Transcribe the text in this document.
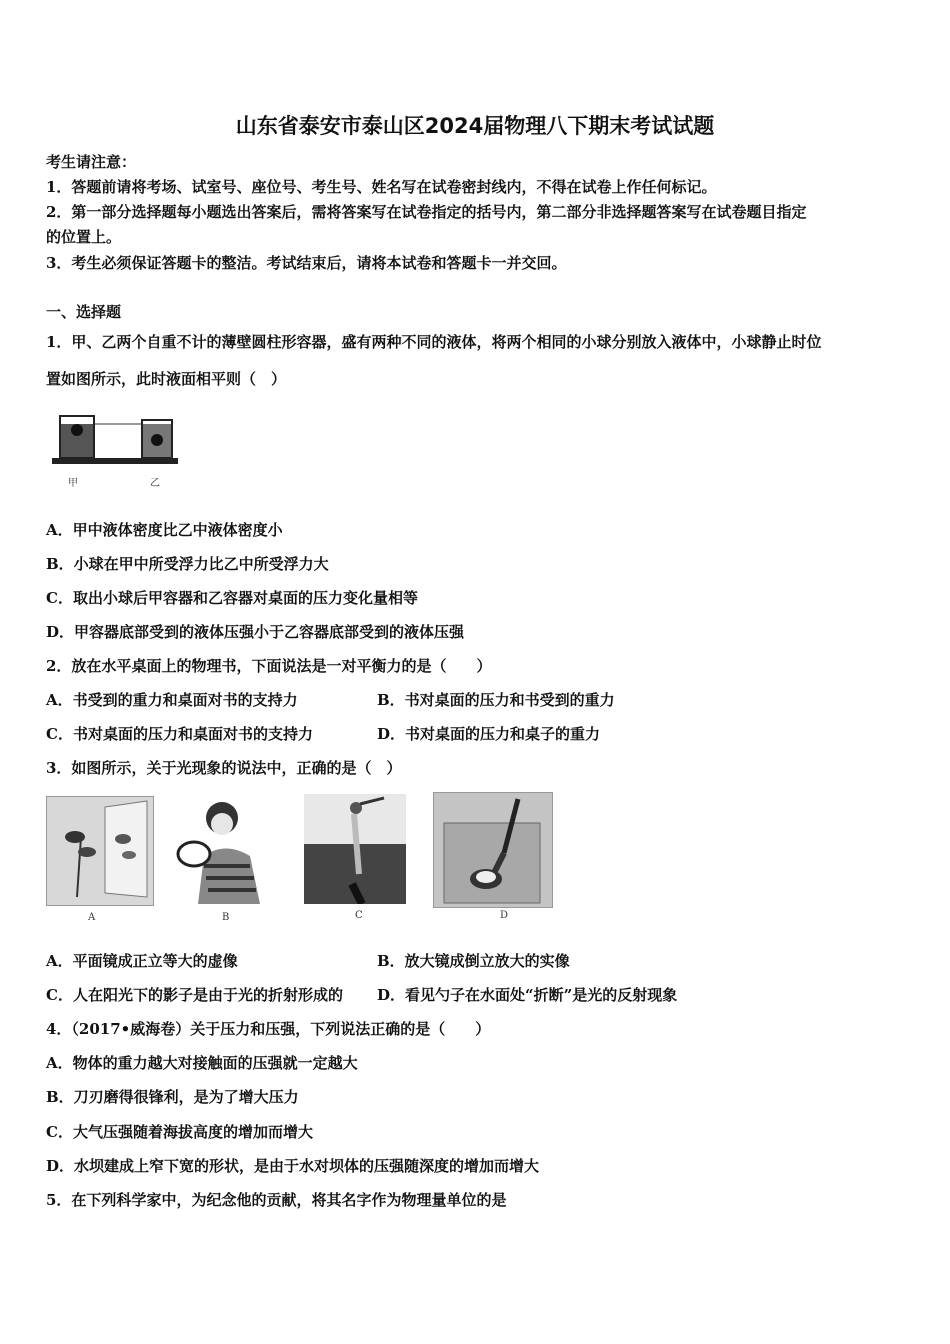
山东省泰安市泰山区2024届物理八下期末考试试题
考生请注意：
1．答题前请将考场、试室号、座位号、考生号、姓名写在试卷密封线内，不得在试卷上作任何标记。
2．第一部分选择题每小题选出答案后，需将答案写在试卷指定的括号内，第二部分非选择题答案写在试卷题目指定
的位置上。
3．考生必须保证答题卡的整洁。考试结束后，请将本试卷和答题卡一并交回。
一、选择题
1．甲、乙两个自重不计的薄壁圆柱形容器，盛有两种不同的液体，将两个相同的小球分别放入液体中，小球静止时位
置如图所示，此时液面相平则（　）
甲	乙
A．甲中液体密度比乙中液体密度小
B．小球在甲中所受浮力比乙中所受浮力大
C．取出小球后甲容器和乙容器对桌面的压力变化量相等
D．甲容器底部受到的液体压强小于乙容器底部受到的液体压强
2．放在水平桌面上的物理书，下面说法是一对平衡力的是（　　）
A．书受到的重力和桌面对书的支持力	B．书对桌面的压力和书受到的重力
C．书对桌面的压力和桌面对书的支持力	D．书对桌面的压力和桌子的重力
3．如图所示，关于光现象的说法中，正确的是（　）
A	B	C	D
A．平面镜成正立等大的虚像	B．放大镜成倒立放大的实像
C．人在阳光下的影子是由于光的折射形成的 D．看见勺子在水面处“折断”是光的反射现象
4．（2017•威海卷）关于压力和压强，下列说法正确的是（　　）
A．物体的重力越大对接触面的压强就一定越大
B．刀刃磨得很锋利，是为了增大压力
C．大气压强随着海拔高度的增加而增大
D．水坝建成上窄下宽的形状，是由于水对坝体的压强随深度的增加而增大
5．在下列科学家中，为纪念他的贡献，将其名字作为物理量单位的是
